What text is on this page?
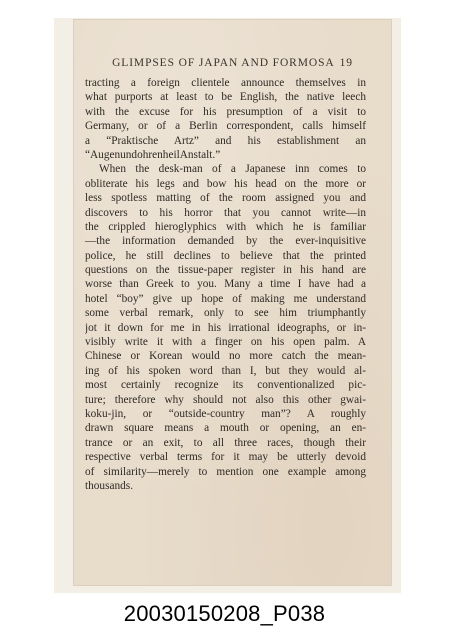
GLIMPSES OF JAPAN AND FORMOSA 19
tracting a foreign clientele announce themselves in
what purports at least to be English, the native leech
with the excuse for his presumption of a visit to
Germany, or of a Berlin correspondent, calls himself
a “Praktische Artz” and his establishment an
“AugenundohrenheilAnstalt.”
When the desk-man of a Japanese inn comes to
obliterate his legs and bow his head on the more or
less spotless matting of the room assigned you and
discovers to his horror that you cannot write—in
the crippled hieroglyphics with which he is familiar
—the information demanded by the ever-inquisitive
police, he still declines to believe that the printed
questions on the tissue-paper register in his hand are
worse than Greek to you. Many a time I have had a
hotel “boy” give up hope of making me understand
some verbal remark, only to see him triumphantly
jot it down for me in his irrational ideographs, or in-
visibly write it with a finger on his open palm. A
Chinese or Korean would no more catch the mean-
ing of his spoken word than I, but they would al-
most certainly recognize its conventionalized pic-
ture; therefore why should not also this other gwai-
koku-jin, or “outside-country man”? A roughly
drawn square means a mouth or opening, an en-
trance or an exit, to all three races, though their
respective verbal terms for it may be utterly devoid
of similarity—merely to mention one example among
thousands.
20030150208_P038
